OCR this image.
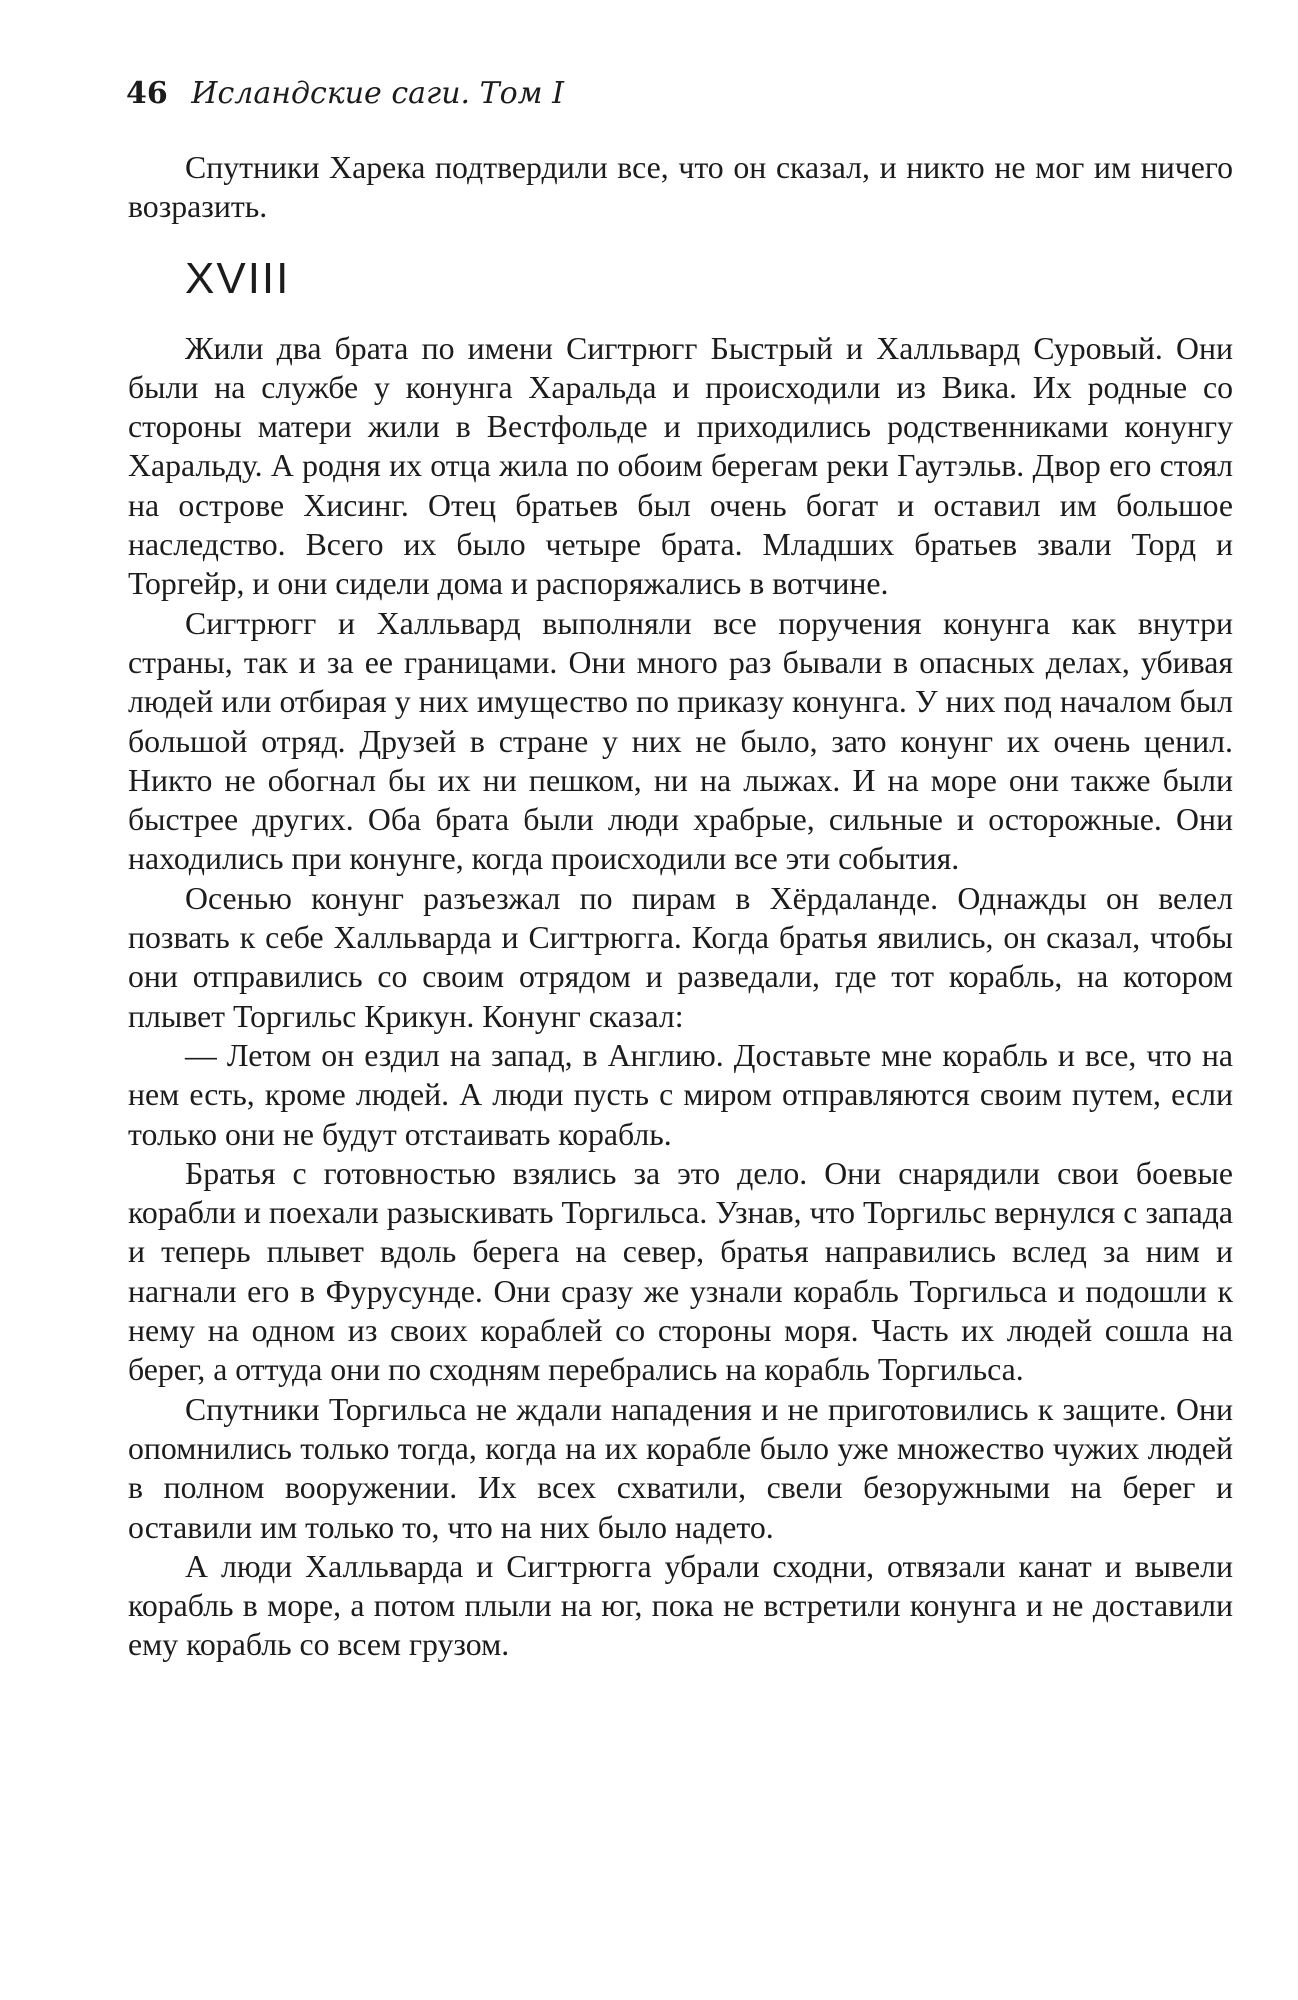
46 Исландские саги. Том I

Спутники Харека подтвердили все, что он сказал, и никто не мог им ничего возразить.

XVIII

Жили два брата по имени Сигтрюгг Быстрый и Халльвард Суровый. Они были на службе у конунга Харальда и происходили из Вика. Их родные со стороны матери жили в Вестфольде и приходились родственниками конунгу Харальду. А родня их отца жила по обоим берегам реки Гаутэльв. Двор его стоял на острове Хисинг. Отец братьев был очень богат и оставил им большое наследство. Всего их было четыре брата. Младших братьев звали Торд и Торгейр, и они сидели дома и распоряжались в вотчине.

Сигтрюгг и Халльвард выполняли все поручения конунга как внутри страны, так и за ее границами. Они много раз бывали в опасных делах, убивая людей или отбирая у них имущество по приказу конунга. У них под началом был большой отряд. Друзей в стране у них не было, зато конунг их очень ценил. Никто не обогнал бы их ни пешком, ни на лыжах. И на море они также были быстрее других. Оба брата были люди храбрые, сильные и осторожные. Они находились при конунге, когда происходили все эти события.

Осенью конунг разъезжал по пирам в Хёрдаланде. Однажды он велел позвать к себе Халльварда и Сигтрюгга. Когда братья явились, он сказал, чтобы они отправились со своим отрядом и разведали, где тот корабль, на котором плывет Торгильс Крикун. Конунг сказал:

— Летом он ездил на запад, в Англию. Доставьте мне корабль и все, что на нем есть, кроме людей. А люди пусть с миром отправляются своим путем, если только они не будут отстаивать корабль.

Братья с готовностью взялись за это дело. Они снарядили свои боевые корабли и поехали разыскивать Торгильса. Узнав, что Торгильс вернулся с запада и теперь плывет вдоль берега на север, братья направились вслед за ним и нагнали его в Фурусунде. Они сразу же узнали корабль Торгильса и подошли к нему на одном из своих кораблей со стороны моря. Часть их людей сошла на берег, а оттуда они по сходням перебрались на корабль Торгильса.

Спутники Торгильса не ждали нападения и не приготовились к защите. Они опомнились только тогда, когда на их корабле было уже множество чужих людей в полном вооружении. Их всех схватили, свели безоружными на берег и оставили им только то, что на них было надето.

А люди Халльварда и Сигтрюгга убрали сходни, отвязали канат и вывели корабль в море, а потом плыли на юг, пока не встретили конунга и не доставили ему корабль со всем грузом.
